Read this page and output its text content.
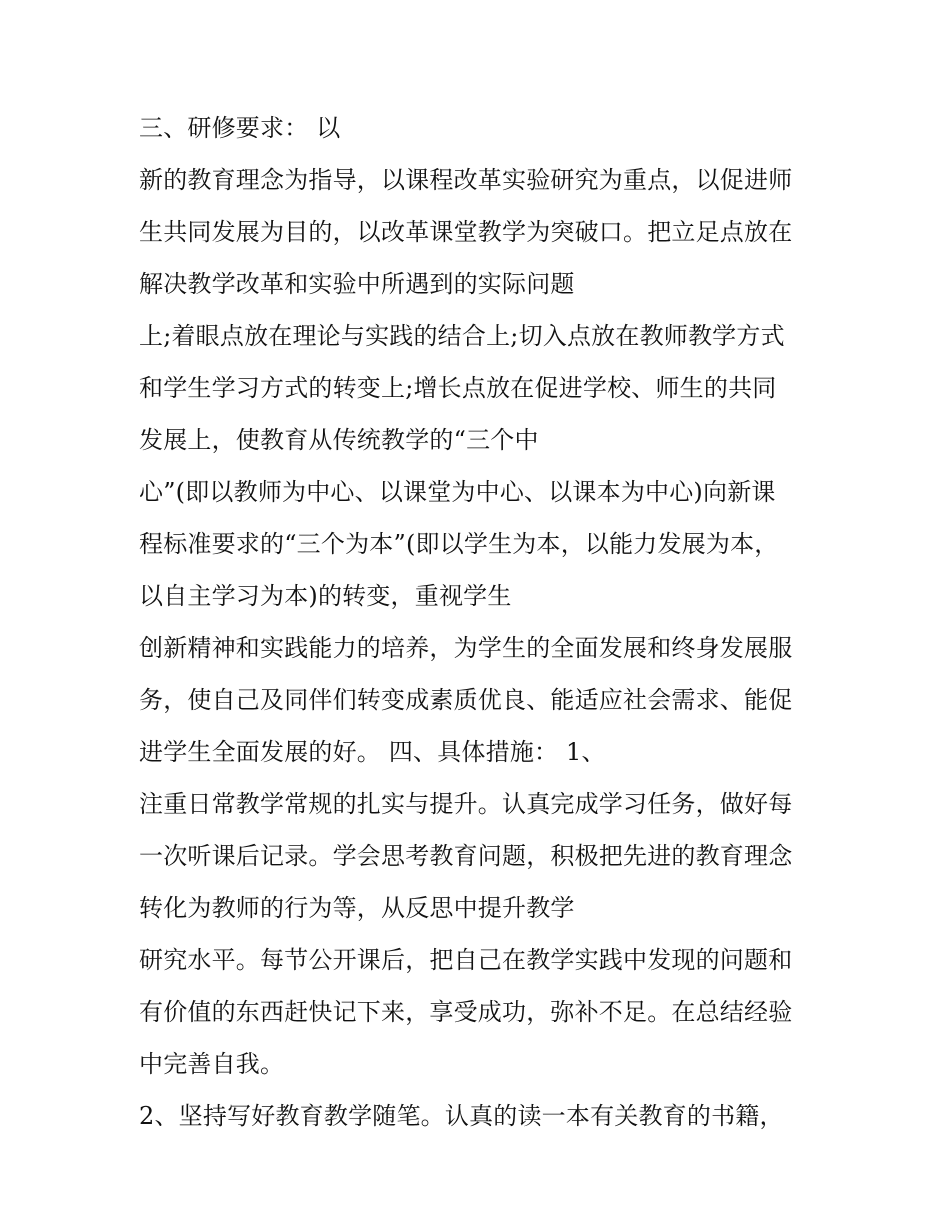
三、研修要求： 以
新的教育理念为指导，以课程改革实验研究为重点，以促进师
生共同发展为目的，以改革课堂教学为突破口。把立足点放在
解决教学改革和实验中所遇到的实际问题
上;着眼点放在理论与实践的结合上;切入点放在教师教学方式
和学生学习方式的转变上;增长点放在促进学校、师生的共同
发展上，使教育从传统教学的“三个中
心”(即以教师为中心、以课堂为中心、以课本为中心)向新课
程标准要求的“三个为本”(即以学生为本，以能力发展为本，
以自主学习为本)的转变，重视学生
创新精神和实践能力的培养，为学生的全面发展和终身发展服
务，使自己及同伴们转变成素质优良、能适应社会需求、能促
进学生全面发展的好。 四、具体措施： 1、
注重日常教学常规的扎实与提升。认真完成学习任务，做好每
一次听课后记录。学会思考教育问题，积极把先进的教育理念
转化为教师的行为等，从反思中提升教学
研究水平。每节公开课后，把自己在教学实践中发现的问题和
有价值的东西赶快记下来，享受成功，弥补不足。在总结经验
中完善自我。
2、坚持写好教育教学随笔。认真的读一本有关教育的书籍，
